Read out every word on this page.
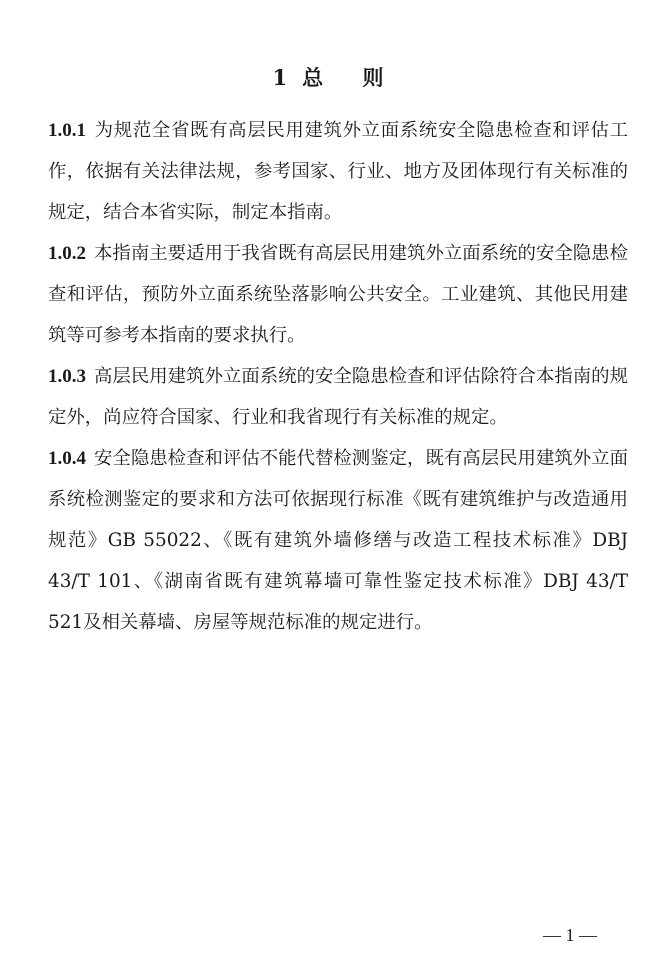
1 总 则

1.0.1 为规范全省既有高层民用建筑外立面系统安全隐患检查和评估工作，依据有关法律法规，参考国家、行业、地方及团体现行有关标准的规定，结合本省实际，制定本指南。

1.0.2 本指南主要适用于我省既有高层民用建筑外立面系统的安全隐患检查和评估，预防外立面系统坠落影响公共安全。工业建筑、其他民用建筑等可参考本指南的要求执行。

1.0.3 高层民用建筑外立面系统的安全隐患检查和评估除符合本指南的规定外，尚应符合国家、行业和我省现行有关标准的规定。

1.0.4 安全隐患检查和评估不能代替检测鉴定，既有高层民用建筑外立面系统检测鉴定的要求和方法可依据现行标准《既有建筑维护与改造通用规范》GB 55022、《既有建筑外墙修缮与改造工程技术标准》DBJ 43/T 101、《湖南省既有建筑幕墙可靠性鉴定技术标准》DBJ 43/T 521及相关幕墙、房屋等规范标准的规定进行。

— 1 —
